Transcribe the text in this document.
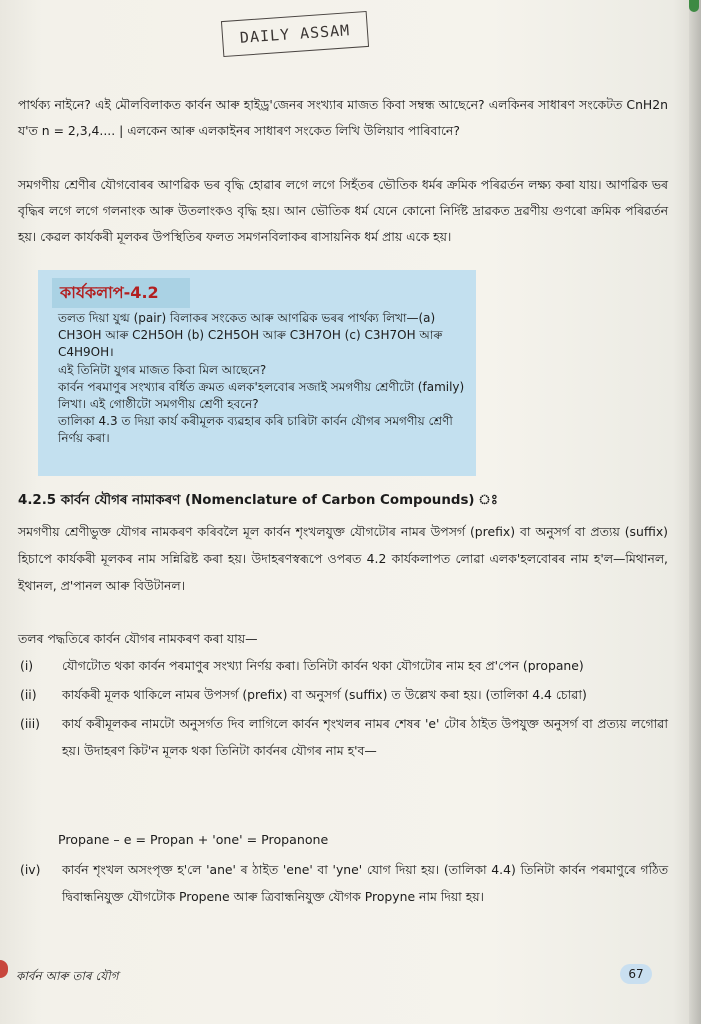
DAILY ASSAM
পাৰ্থক্য নাইনে? এই মৌলবিলাকত কাৰ্বন আৰু হাইড্ৰ'জেনৰ সংখ্যাৰ মাজত কিবা সম্বন্ধ আছেনে? এলকিনৰ সাধাৰণ সংকেটত CnH2n য'ত n = 2,3,4.... | এলকেন আৰু এলকাইনৰ সাধাৰণ সংকেত লিখি উলিয়াব পাৰিবানে?
সমগণীয় শ্ৰেণীৰ যৌগবোৰৰ আণৱিক ভৰ বৃদ্ধি হোৱাৰ লগে লগে সিহঁতৰ ভৌতিক ধৰ্মৰ ক্ৰমিক পৰিৱৰ্তন লক্ষ্য কৰা যায়। আণৱিক ভৰ বৃদ্ধিৰ লগে লগে গলনাংক আৰু উতলাংকও বৃদ্ধি হয়। আন ভৌতিক ধৰ্ম যেনে কোনো নিৰ্দিষ্ট দ্ৰাৱকত দ্ৰৱণীয় গুণৰো ক্ৰমিক পৰিৱৰ্তন হয়। কেৱল কাৰ্যকৰী মূলকৰ উপস্থিতিৰ ফলত সমগনবিলাকৰ ৰাসায়নিক ধৰ্ম প্ৰায় একে হয়।
কাৰ্যকলাপ-4.2

তলত দিয়া যুগ্ম (pair) বিলাকৰ সংকেত আৰু আণৱিক ভৰৰ পাৰ্থক্য লিখা—(a) CH3OH আৰু C2H5OH (b) C2H5OH আৰু C3H7OH (c) C3H7OH আৰু C4H9OH।

এই তিনিটা যুগৰ মাজত কিবা মিল আছেনে?

কাৰ্বন পৰমাণুৰ সংখ্যাৰ বৰ্ধিত ক্ৰমত এলক'হলবোৰ সজাই সমগণীয় শ্ৰেণীটো (family) লিখা। এই গোষ্ঠীটো সমগণীয় শ্ৰেণী হবনে?

তালিকা 4.3 ত দিয়া কাৰ্য কৰীমূলক ব্যৱহাৰ কৰি চাৰিটা কাৰ্বন যৌগৰ সমগণীয় শ্ৰেণী নিৰ্ণয় কৰা।

4.2.5 কাৰ্বন যৌগৰ নামাকৰণ (Nomenclature of Carbon Compounds) ঃ
সমগণীয় শ্ৰেণীভুক্ত যৌগৰ নামকৰণ কৰিবলৈ মূল কাৰ্বন শৃংখলযুক্ত যৌগটোৰ নামৰ উপসৰ্গ (prefix) বা অনুসৰ্গ বা প্ৰত্যয় (suffix) হিচাপে কাৰ্যকৰী মূলকৰ নাম সন্নিৱিষ্ট কৰা হয়। উদাহৰণস্বৰূপে ওপৰত 4.2 কাৰ্যকলাপত লোৱা এলক'হলবোৰৰ নাম হ'ল—মিথানল, ইথানল, প্ৰ'পানল আৰু বিউটানল।
তলৰ পদ্ধতিৰে কাৰ্বন যৌগৰ নামকৰণ কৰা যায়—
(i)	যৌগটোত থকা কাৰ্বন পৰমাণুৰ সংখ্যা নিৰ্ণয় কৰা। তিনিটা কাৰ্বন থকা যৌগটোৰ নাম হব প্ৰ'পেন (propane)
(ii)	কাৰ্যকৰী মূলক থাকিলে নামৰ উপসৰ্গ (prefix) বা অনুসৰ্গ (suffix) ত উল্লেখ কৰা হয়। (তালিকা 4.4 চোৱা)
(iii)	কাৰ্য কৰীমূলকৰ নামটো অনুসৰ্গত দিব লাগিলে কাৰ্বন শৃংখলৰ নামৰ শেষৰ 'e' টোৰ ঠাইত উপযুক্ত অনুসৰ্গ বা প্ৰত্যয় লগোৱা হয়। উদাহৰণ কিট'ন মূলক থকা তিনিটা কাৰ্বনৰ যৌগৰ নাম হ'ব—
Propane – e = Propan + 'one' = Propanone
(iv)	কাৰ্বন শৃংখল অসংপৃক্ত হ'লে 'ane' ৰ ঠাইত 'ene' বা 'yne' যোগ দিয়া হয়। (তালিকা 4.4) তিনিটা কাৰ্বন পৰমাণুৰে গঠিত দ্বিবান্ধনিযুক্ত যৌগটোক Propene আৰু ত্ৰিবান্ধনিযুক্ত যৌগক Propyne নাম দিয়া হয়।
কাৰ্বন আৰু তাৰ যৌগ	67
